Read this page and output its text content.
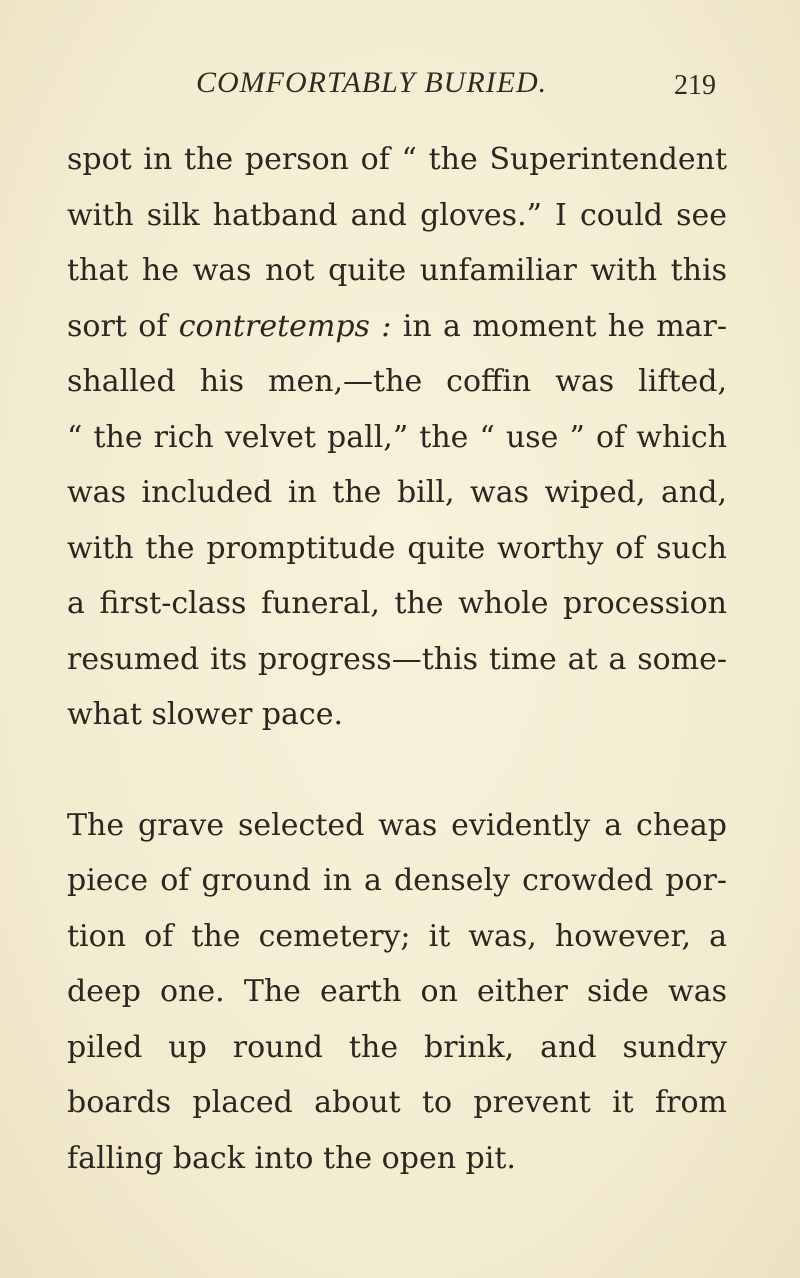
COMFORTABLY BURIED.	219
spot in the person of “ the Superintendent
with silk hatband and gloves.” I could see
that he was not quite unfamiliar with this
sort of contretemps : in a moment he mar-
shalled his men,—the coffin was lifted,
“ the rich velvet pall,” the “ use ” of which
was included in the bill, was wiped, and,
with the promptitude quite worthy of such
a first-class funeral, the whole procession
resumed its progress—this time at a some-
what slower pace.
The grave selected was evidently a cheap
piece of ground in a densely crowded por-
tion of the cemetery; it was, however, a
deep one. The earth on either side was
piled up round the brink, and sundry
boards placed about to prevent it from
falling back into the open pit.
